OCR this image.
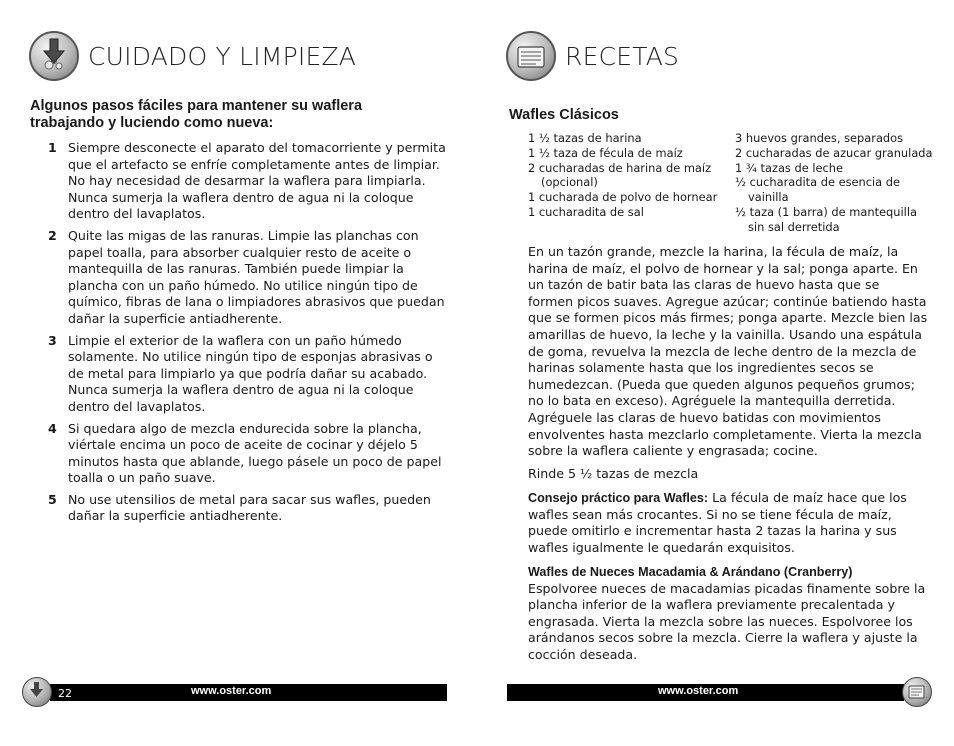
CUIDADO Y LIMPIEZA
Algunos pasos fáciles para mantener su waflera trabajando y luciendo como nueva:
1 Siempre desconecte el aparato del tomacorriente y permita que el artefacto se enfríe completamente antes de limpiar. No hay necesidad de desarmar la waflera para limpiarla. Nunca sumerja la waflera dentro de agua ni la coloque dentro del lavaplatos.
2 Quite las migas de las ranuras. Limpie las planchas con papel toalla, para absorber cualquier resto de aceite o mantequilla de las ranuras. También puede limpiar la plancha con un paño húmedo. No utilice ningún tipo de químico, fibras de lana o limpiadores abrasivos que puedan dañar la superficie antiadherente.
3 Limpie el exterior de la waflera con un paño húmedo solamente. No utilice ningún tipo de esponjas abrasivas o de metal para limpiarlo ya que podría dañar su acabado. Nunca sumerja la waflera dentro de agua ni la coloque dentro del lavaplatos.
4 Si quedara algo de mezcla endurecida sobre la plancha, viértale encima un poco de aceite de cocinar y déjelo 5 minutos hasta que ablande, luego pásele un poco de papel toalla o un paño suave.
5 No use utensilios de metal para sacar sus wafles, pueden dañar la superficie antiadherente.
www.oster.com
22
RECETAS
Wafles Clásicos
1 ½ tazas de harina
1 ½ taza de fécula de maíz
2 cucharadas de harina de maíz
(opcional)
1 cucharada de polvo de hornear
1 cucharadita de sal
3 huevos grandes, separados
2 cucharadas de azucar granulada
1 ¾ tazas de leche
½ cucharadita de esencia de
vainilla
½ taza (1 barra) de mantequilla
sin sal derretida

En un tazón grande, mezcle la harina, la fécula de maíz, la harina de maíz, el polvo de hornear y la sal; ponga aparte. En un tazón de batir bata las claras de huevo hasta que se formen picos suaves. Agregue azúcar; continúe batiendo hasta que se formen picos más firmes; ponga aparte. Mezcle bien las amarillas de huevo, la leche y la vainilla. Usando una espátula de goma, revuelva la mezcla de leche dentro de la mezcla de harinas solamente hasta que los ingredientes secos se humedezcan. (Pueda que queden algunos pequeños grumos; no lo bata en exceso). Agréguele la mantequilla derretida. Agréguele las claras de huevo batidas con movimientos envolventes hasta mezclarlo completamente. Vierta la mezcla sobre la waflera caliente y engrasada; cocine.

Rinde 5 ½ tazas de mezcla

Consejo práctico para Wafles: La fécula de maíz hace que los wafles sean más crocantes. Si no se tiene fécula de maíz, puede omitirlo e incrementar hasta 2 tazas la harina y sus wafles igualmente le quedarán exquisitos.

Wafles de Nueces Macadamia & Arándano (Cranberry)
Espolvoree nueces de macadamias picadas finamente sobre la plancha inferior de la waflera previamente precalentada y engrasada. Vierta la mezcla sobre las nueces. Espolvoree los arándanos secos sobre la mezcla. Cierre la waflera y ajuste la cocción deseada.

www.oster.com	23
